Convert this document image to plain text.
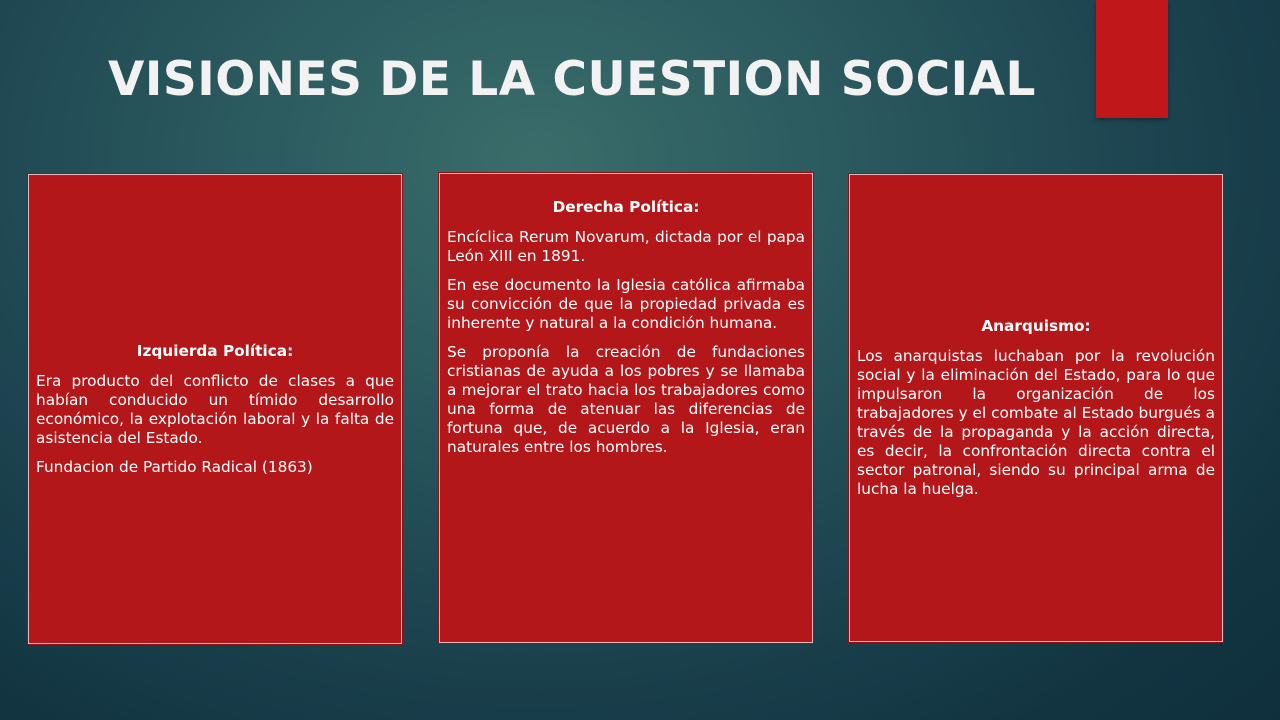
VISIONES DE LA CUESTION SOCIAL
Izquierda Política:

Era producto del conflicto de clases a que habían conducido un tímido desarrollo económico, la explotación laboral y la falta de asistencia del Estado.

Fundacion de Partido Radical (1863)

Derecha Política:

Encíclica Rerum Novarum, dictada por el papa León XIII en 1891.

En ese documento la Iglesia católica afirmaba su convicción de que la propiedad privada es inherente y natural a la condición humana.

Se proponía la creación de fundaciones cristianas de ayuda a los pobres y se llamaba a mejorar el trato hacia los trabajadores como una forma de atenuar las diferencias de fortuna que, de acuerdo a la Iglesia, eran naturales entre los hombres.

Anarquismo:

Los anarquistas luchaban por la revolución social y la eliminación del Estado, para lo que impulsaron la organización de los trabajadores y el combate al Estado burgués a través de la propaganda y la acción directa, es decir, la confrontación directa contra el sector patronal, siendo su principal arma de lucha la huelga.
